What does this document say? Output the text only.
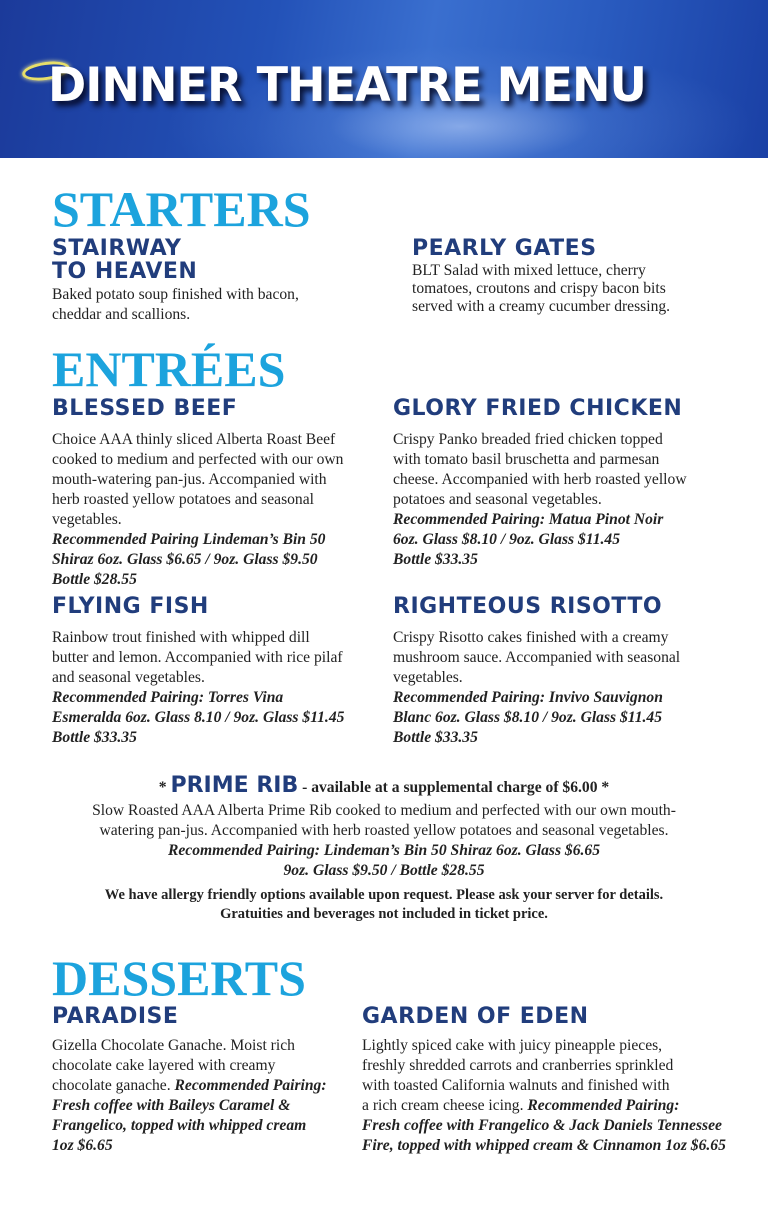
DINNER THEATRE MENU
STARTERS
STAIRWAY
TO HEAVEN
Baked potato soup finished with bacon,
cheddar and scallions.
PEARLY GATES
BLT Salad with mixed lettuce, cherry
tomatoes, croutons and crispy bacon bits
served with a creamy cucumber dressing.
ENTRÉES
BLESSED BEEF
Choice AAA thinly sliced Alberta Roast Beef
cooked to medium and perfected with our own
mouth-watering pan-jus. Accompanied with
herb roasted yellow potatoes and seasonal
vegetables.
Recommended Pairing Lindeman’s Bin 50
Shiraz 6oz. Glass $6.65 / 9oz. Glass $9.50
Bottle $28.55
GLORY FRIED CHICKEN
Crispy Panko breaded fried chicken topped
with tomato basil bruschetta and parmesan
cheese. Accompanied with herb roasted yellow
potatoes and seasonal vegetables.
Recommended Pairing: Matua Pinot Noir
6oz. Glass $8.10 / 9oz. Glass $11.45
Bottle $33.35
FLYING FISH
Rainbow trout finished with whipped dill
butter and lemon. Accompanied with rice pilaf
and seasonal vegetables.
Recommended Pairing: Torres Vina
Esmeralda 6oz. Glass 8.10 / 9oz. Glass $11.45
Bottle $33.35
RIGHTEOUS RISOTTO
Crispy Risotto cakes finished with a creamy
mushroom sauce. Accompanied with seasonal
vegetables.
Recommended Pairing: Invivo Sauvignon
Blanc 6oz. Glass $8.10 / 9oz. Glass $11.45
Bottle $33.35
* PRIME RIB - available at a supplemental charge of $6.00 *
Slow Roasted AAA Alberta Prime Rib cooked to medium and perfected with our own mouth-
watering pan-jus. Accompanied with herb roasted yellow potatoes and seasonal vegetables.
Recommended Pairing: Lindeman’s Bin 50 Shiraz 6oz. Glass $6.65
9oz. Glass $9.50 / Bottle $28.55
We have allergy friendly options available upon request. Please ask your server for details.
Gratuities and beverages not included in ticket price.
DESSERTS
PARADISE
Gizella Chocolate Ganache. Moist rich
chocolate cake layered with creamy
chocolate ganache. Recommended Pairing:
Fresh coffee with Baileys Caramel &
Frangelico, topped with whipped cream
1oz $6.65
GARDEN OF EDEN
Lightly spiced cake with juicy pineapple pieces,
freshly shredded carrots and cranberries sprinkled
with toasted California walnuts and finished with
a rich cream cheese icing. Recommended Pairing:
Fresh coffee with Frangelico & Jack Daniels Tennessee
Fire, topped with whipped cream & Cinnamon 1oz $6.65
